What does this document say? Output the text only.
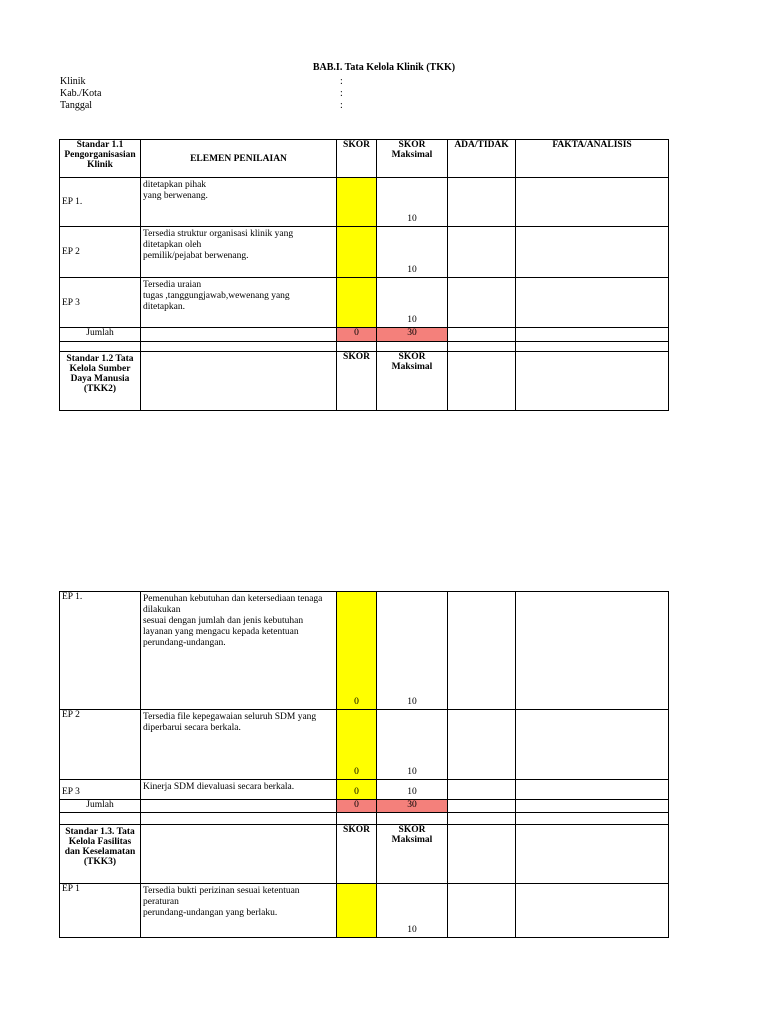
BAB.I. Tata Kelola Klinik (TKK)
Klinik	:
Kab./Kota	:
Tanggal	:
Standar 1.1 Pengorganisasian Klinik	ELEMEN PENILAIAN	SKOR	SKOR Maksimal	ADA/TIDAK	FAKTA/ANALISIS
EP 1.	ditetapkan pihak
yang berwenang.		10		
EP 2	Tersedia struktur organisasi klinik yang
ditetapkan oleh
pemilik/pejabat berwenang.		10		
EP 3	Tersedia uraian
tugas ,tanggungjawab,wewenang yang
ditetapkan.		10		
Jumlah		0	30		

Standar 1.2 Tata Kelola Sumber Daya Manusia (TKK2)		SKOR	SKOR Maksimal		
EP 1.	Pemenuhan kebutuhan dan ketersediaan tenaga
dilakukan
sesuai dengan jumlah dan jenis kebutuhan
layanan yang mengacu kepada ketentuan
perundang-undangan.	0	10		
EP 2	Tersedia file kepegawaian seluruh SDM yang
diperbarui secara berkala.	0	10		
EP 3	Kinerja SDM dievaluasi secara berkala.	0	10		
Jumlah		0	30		

Standar 1.3. Tata Kelola Fasilitas dan Keselamatan (TKK3)		SKOR	SKOR Maksimal		
EP 1	Tersedia bukti perizinan sesuai ketentuan
peraturan
perundang-undangan yang berlaku.		10		
